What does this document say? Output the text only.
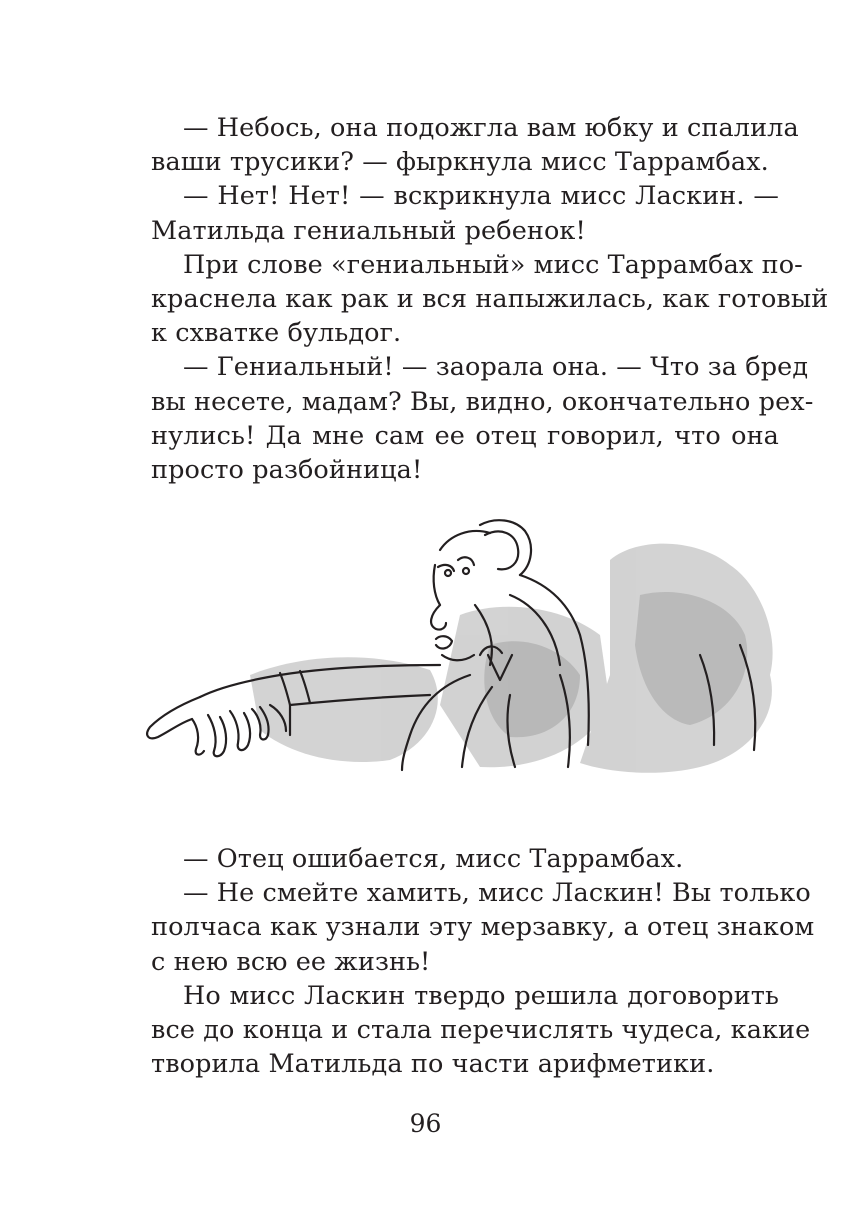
— Небось, она подожгла вам юбку и спалила
ваши трусики? — фыркнула мисс Таррамбах.
— Нет! Нет! — вскрикнула мисс Ласкин. —
Матильда гениальный ребенок!
При слове «гениальный» мисс Таррамбах по-
краснела как рак и вся напыжилась, как готовый
к схватке бульдог.
— Гениальный! — заорала она. — Что за бред
вы несете, мадам? Вы, видно, окончательно рех-
нулись! Да мне сам ее отец говорил, что она
просто разбойница!
— Отец ошибается, мисс Таррамбах.
— Не смейте хамить, мисс Ласкин! Вы только
полчаса как узнали эту мерзавку, а отец знаком
с нею всю ее жизнь!
Но мисс Ласкин твердо решила договорить
все до конца и стала перечислять чудеса, какие
творила Матильда по части арифметики.
96
